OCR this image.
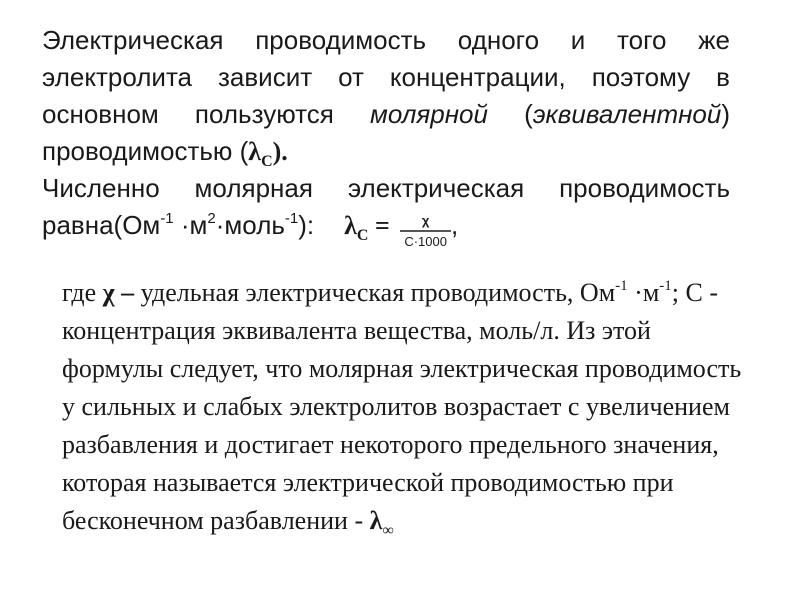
Электрическая проводимость одного и того же электролита зависит от концентрации, поэтому в основном пользуются молярной (эквивалентной) проводимостью $(\lambda_С)$.

Численно молярная электрическая проводимость $равна(Ом^{-1}$ $\cdot м^2\cdot моль^{-1}$): $\lambda_С = \frac{\chi}{С\cdot 1000}$ ,

где χ – удельная электрическая проводимость, $Ом^{-1} \cdot м^{-1}$; С - концентрация эквивалента вещества, моль/л. Из этой формулы следует, что молярная электрическая проводимость у сильных и слабых электролитов возрастает с увеличением разбавления и достигает некоторого предельного значения, которая называется электрической проводимостью при бесконечном разбавлении - $\lambda_\infty$
